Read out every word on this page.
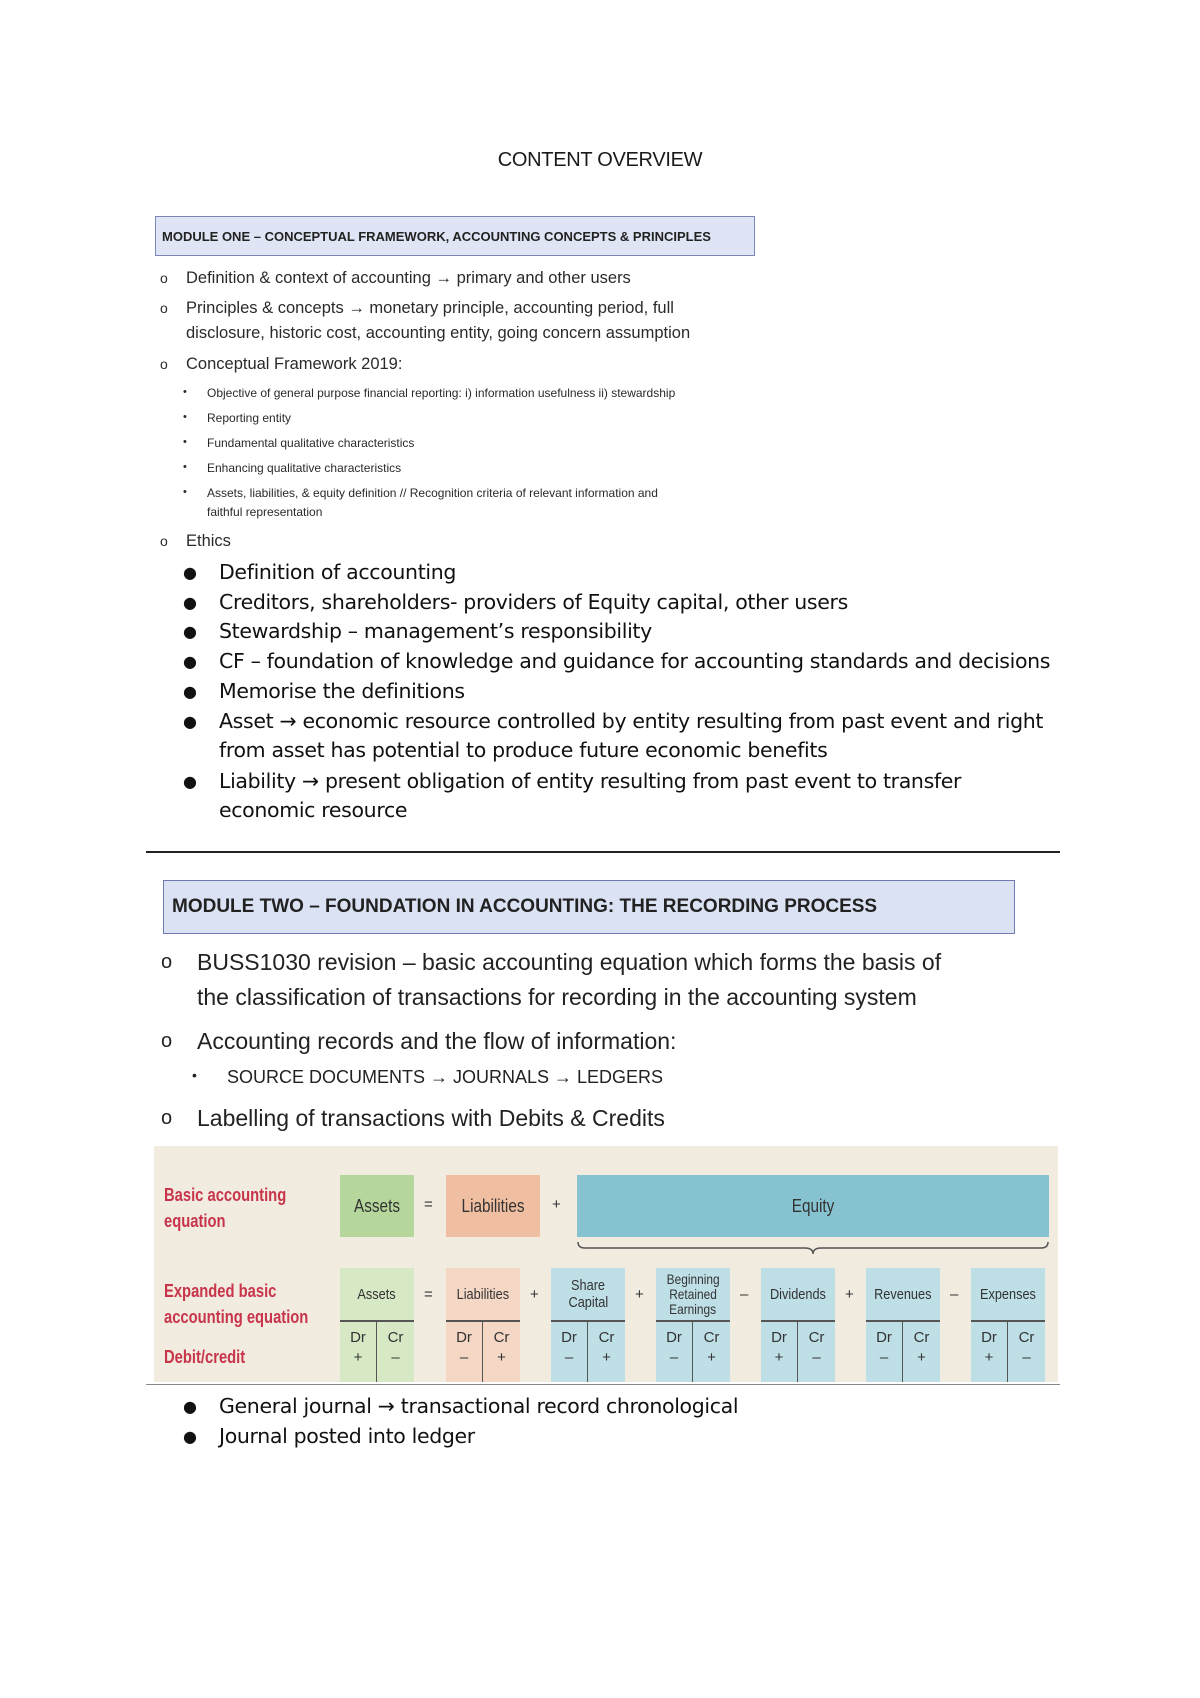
CONTENT OVERVIEW
MODULE ONE – CONCEPTUAL FRAMEWORK, ACCOUNTING CONCEPTS & PRINCIPLES
o Definition & context of accounting → primary and other users
o Principles & concepts → monetary principle, accounting period, full
disclosure, historic cost, accounting entity, going concern assumption
o Conceptual Framework 2019:
• Objective of general purpose financial reporting: i) information usefulness ii) stewardship
• Reporting entity
• Fundamental qualitative characteristics
• Enhancing qualitative characteristics
• Assets, liabilities, & equity definition // Recognition criteria of relevant information and
faithful representation
o Ethics
● Definition of accounting
● Creditors, shareholders- providers of Equity capital, other users
● Stewardship – management’s responsibility
● CF – foundation of knowledge and guidance for accounting standards and decisions
● Memorise the definitions
● Asset → economic resource controlled by entity resulting from past event and right
from asset has potential to produce future economic benefits
● Liability → present obligation of entity resulting from past event to transfer
economic resource
MODULE TWO – FOUNDATION IN ACCOUNTING: THE RECORDING PROCESS
o BUSS1030 revision – basic accounting equation which forms the basis of
the classification of transactions for recording in the accounting system
o Accounting records and the flow of information:
• SOURCE DOCUMENTS → JOURNALS → LEDGERS
o Labelling of transactions with Debits & Credits
Basic accounting
equation
Expanded basic
accounting equation
Debit/credit
Assets = Liabilities +	Equity
Assets = Liabilities +
Share
Capital +
Beginning
Retained
Earnings
– Dividends + Revenues – Expenses
Dr
+
Cr
–
Dr
–
Cr
+
Dr
–
Cr
+
Dr
–
Cr
+
Dr
+
Cr
–
Dr
–
Cr
+
Dr
+
Cr
–
● General journal → transactional record chronological
● Journal posted into ledger
